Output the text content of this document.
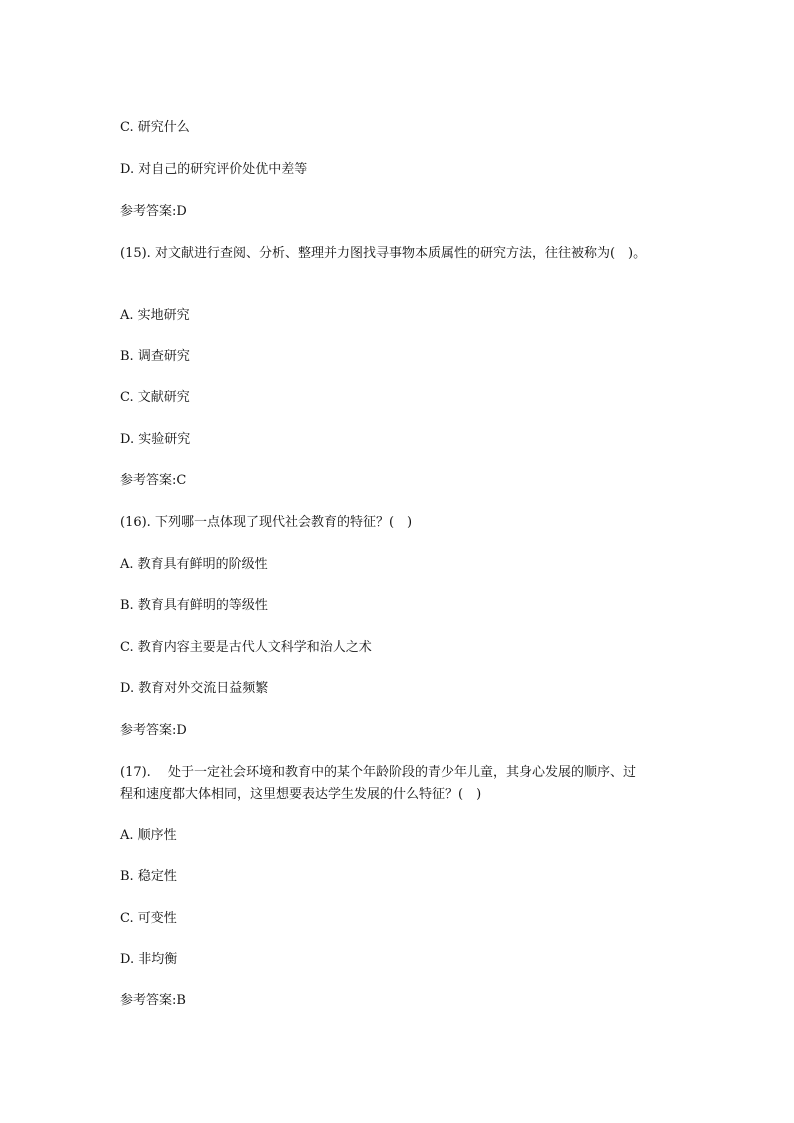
C. 研究什么
D. 对自己的研究评价处优中差等
参考答案:D
(15). 对文献进行查阅、分析、整理并力图找寻事物本质属性的研究方法，往往被称为(　)。
A. 实地研究
B. 调查研究
C. 文献研究
D. 实验研究
参考答案:C
(16). 下列哪一点体现了现代社会教育的特征？(　)
A. 教育具有鲜明的阶级性
B. 教育具有鲜明的等级性
C. 教育内容主要是古代人文科学和治人之术
D. 教育对外交流日益频繁
参考答案:D
(17). 　处于一定社会环境和教育中的某个年龄阶段的青少年儿童，其身心发展的顺序、过
程和速度都大体相同，这里想要表达学生发展的什么特征？(　)
A. 顺序性
B. 稳定性
C. 可变性
D. 非均衡
参考答案:B
